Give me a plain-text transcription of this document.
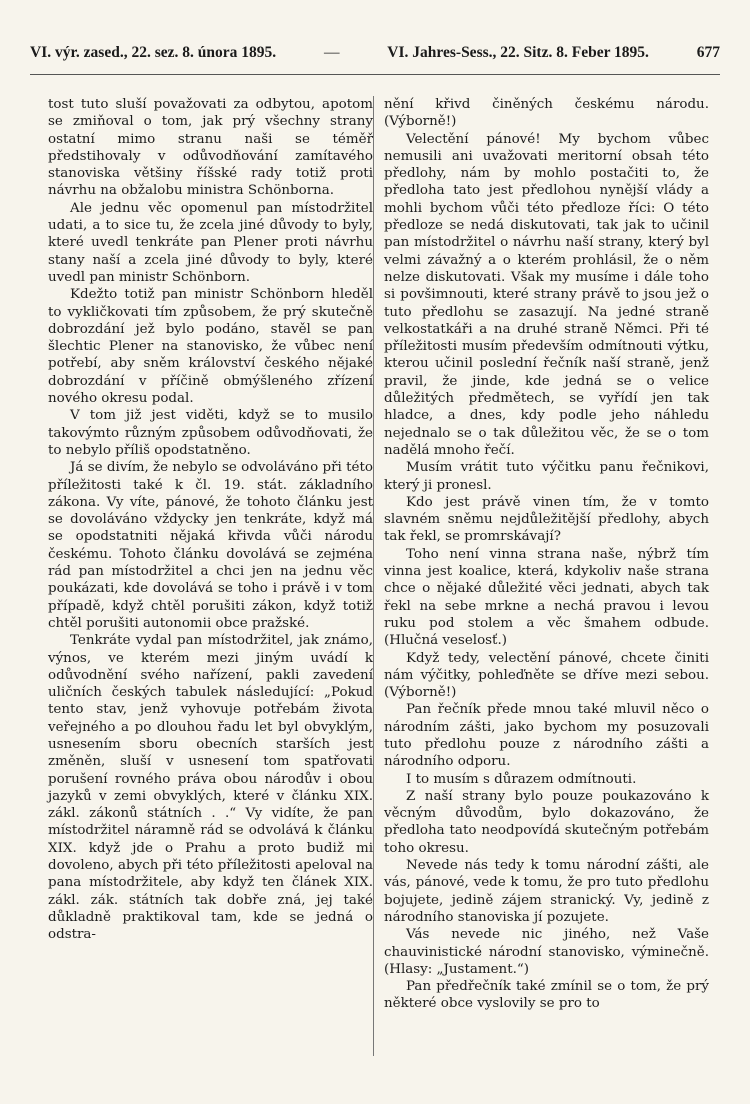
VI. výr. zased., 22. sez. 8. února 1895.	—	VI. Jahres-Sess., 22. Sitz. 8. Feber 1895.	677

tost tuto sluší považovati za odbytou, apotom se zmiňoval o tom, jak prý všechny strany ostatní mimo stranu naši se téměř předstihovaly v odůvodňování zamítavého stanoviska většiny říšské rady totiž proti návrhu na obžalobu ministra Schönborna.

Ale jednu věc opomenul pan místodržitel udati, a to sice tu, že zcela jiné důvody to byly, které uvedl tenkráte pan Plener proti návrhu stany naší a zcela jiné důvody to byly, které uvedl pan ministr Schönborn.

Kdežto totiž pan ministr Schönborn hleděl to vykličkovati tím způsobem, že prý skutečně dobrozdání jež bylo podáno, stavěl se pan šlechtic Plener na stanovisko, že vůbec není potřebí, aby sněm království českého nějaké dobrozdání v příčině obmýšleného zřízení nového okresu podal.

V tom již jest viděti, když se to musilo takovýmto různým způsobem odůvodňovati, že to nebylo příliš opodstatněno.

Já se divím, že nebylo se odvoláváno při této příležitosti také k čl. 19. stát. základního zákona. Vy víte, pánové, že tohoto článku jest se dovoláváno vždycky jen tenkráte, když má se opodstatniti nějaká křivda vůči národu českému. Tohoto článku dovolává se zejména rád pan místodržitel a chci jen na jednu věc poukázati, kde dovolává se toho i právě i v tom případě, když chtěl porušiti zákon, když totiž chtěl porušiti autonomii obce pražské.

Tenkráte vydal pan místodržitel, jak známo, výnos, ve kterém mezi jiným uvádí k odůvodnění svého nařízení, pakli zavedení uličních českých tabulek následující: „Pokud tento stav, jenž vyhovuje potřebám života veřejného a po dlouhou řadu let byl obvyklým, usnesením sboru obecních starších jest změněn, sluší v usnesení tom spatřovati porušení rovného práva obou národův i obou jazyků v zemi obvyklých, které v článku XIX. zákl. zákonů státních . .“ Vy vidíte, že pan místodržitel náramně rád se odvolává k článku XIX. když jde o Prahu a proto budiž mi dovoleno, abych při této příležitosti apeloval na pana místodržitele, aby když ten článek XIX. zákl. zák. státních tak dobře zná, jej také důkladně praktikoval tam, kde se jedná o odstra-

nění křivd činěných českému národu. (Výborně!)

Velectění pánové! My bychom vůbec nemusili ani uvažovati meritorní obsah této předlohy, nám by mohlo postačiti to, že předloha tato jest předlohou nynější vlády a mohli bychom vůči této předloze říci: O této předloze se nedá diskutovati, tak jak to učinil pan místodržitel o návrhu naší strany, který byl velmi závažný a o kterém prohlásil, že o něm nelze diskutovati. Však my musíme i dále toho si povšimnouti, které strany právě to jsou jež o tuto předlohu se zasazují. Na jedné straně velkostatkáři a na druhé straně Němci. Při té příležitosti musím především odmítnouti výtku, kterou učinil poslední řečník naší straně, jenž pravil, že jinde, kde jedná se o velice důležitých předmětech, se vyřídí jen tak hladce, a dnes, kdy podle jeho náhledu nejednalo se o tak důležitou věc, že se o tom nadělá mnoho řečí.

Musím vrátit tuto výčitku panu řečnikovi, který ji pronesl.

Kdo jest právě vinen tím, že v tomto slavném sněmu nejdůležitější předlohy, abych tak řekl, se promrskávají?

Toho není vinna strana naše, nýbrž tím vinna jest koalice, která, kdykoliv naše strana chce o nějaké důležité věci jednati, abych tak řekl na sebe mrkne a nechá pravou i levou ruku pod stolem a věc šmahem odbude. (Hlučná veselosť.)

Když tedy, velectění pánové, chcete činiti nám výčitky, pohleďněte se dříve mezi sebou. (Výborně!)

Pan řečník přede mnou také mluvil něco o národním zášti, jako bychom my posuzovali tuto předlohu pouze z národního zášti a národního odporu.

I to musím s důrazem odmítnouti.

Z naší strany bylo pouze poukazováno k věcným důvodům, bylo dokazováno, že předloha tato neodpovídá skutečným potřebám toho okresu.

Nevede nás tedy k tomu národní zášti, ale vás, pánové, vede k tomu, že pro tuto předlohu bojujete, jedině zájem stranický. Vy, jedině z národního stanoviska jí pozujete.

Vás nevede nic jiného, než Vaše chauvinistické národní stanovisko, výminečně. (Hlasy: „Justament.“)

Pan předřečník také zmínil se o tom, že prý některé obce vyslovily se pro to
